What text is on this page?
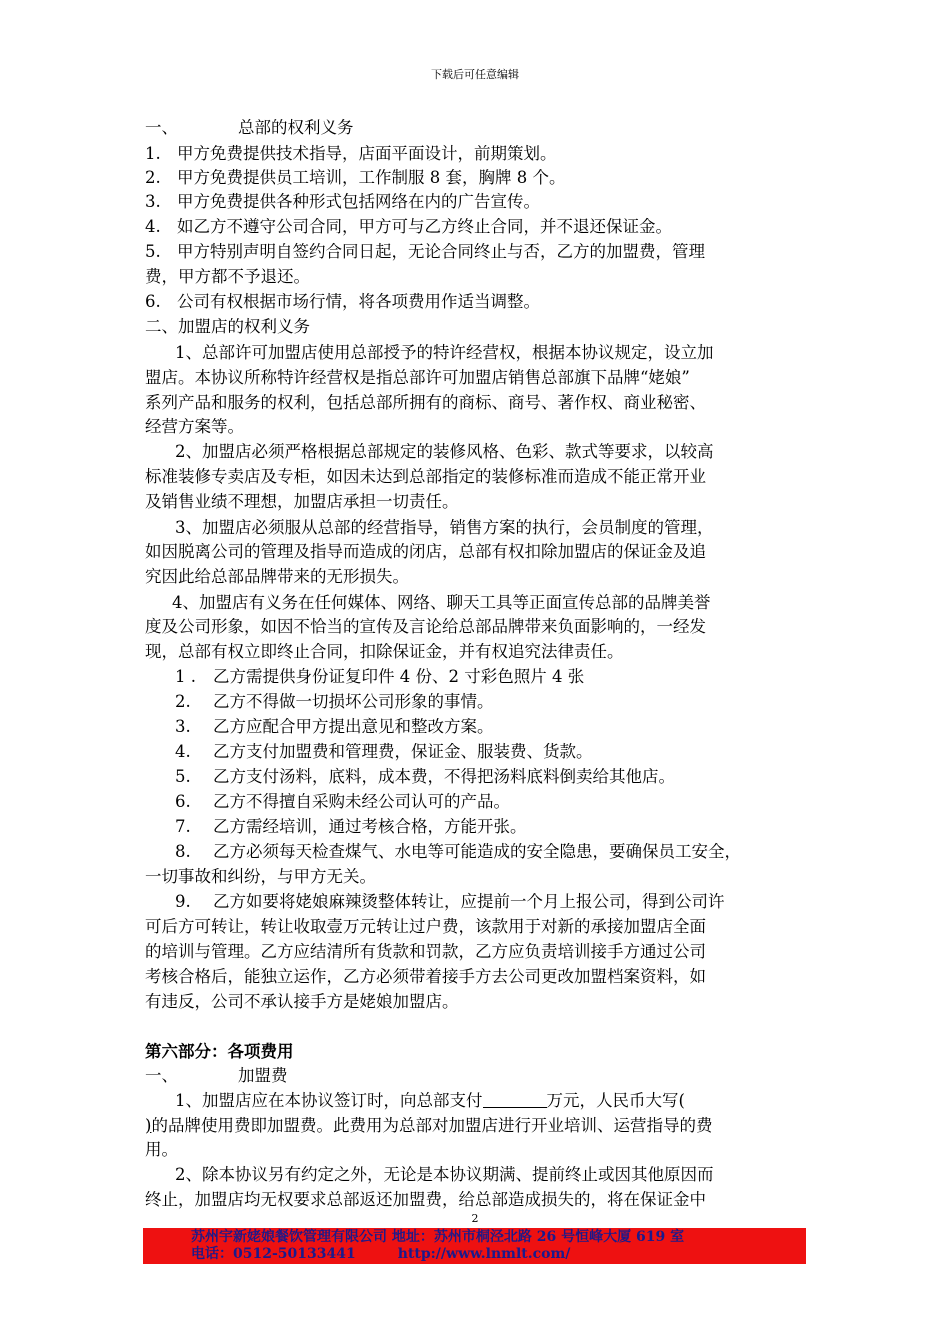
下载后可任意编辑
一、	总部的权利义务
1. 甲方免费提供技术指导，店面平面设计，前期策划。
2. 甲方免费提供员工培训，工作制服 8 套，胸牌 8 个。
3. 甲方免费提供各种形式包括网络在内的广告宣传。
4. 如乙方不遵守公司合同，甲方可与乙方终止合同，并不退还保证金。
5. 甲方特别声明自签约合同日起，无论合同终止与否，乙方的加盟费，管理
费，甲方都不予退还。
6. 公司有权根据市场行情，将各项费用作适当调整。
二、加盟店的权利义务
1、总部许可加盟店使用总部授予的特许经营权，根据本协议规定，设立加
盟店。本协议所称特许经营权是指总部许可加盟店销售总部旗下品牌“姥娘”
系列产品和服务的权利，包括总部所拥有的商标、商号、著作权、商业秘密、
经营方案等。
2、加盟店必须严格根据总部规定的装修风格、色彩、款式等要求，以较高
标准装修专卖店及专柜，如因未达到总部指定的装修标准而造成不能正常开业
及销售业绩不理想，加盟店承担一切责任。
3、加盟店必须服从总部的经营指导，销售方案的执行，会员制度的管理，
如因脱离公司的管理及指导而造成的闭店，总部有权扣除加盟店的保证金及追
究因此给总部品牌带来的无形损失。
4、加盟店有义务在任何媒体、网络、聊天工具等正面宣传总部的品牌美誉
度及公司形象，如因不恰当的宣传及言论给总部品牌带来负面影响的，一经发
现，总部有权立即终止合同，扣除保证金，并有权追究法律责任。
1 . 乙方需提供身份证复印件 4 份、2 寸彩色照片 4 张
2. 乙方不得做一切损坏公司形象的事情。
3. 乙方应配合甲方提出意见和整改方案。
4. 乙方支付加盟费和管理费，保证金、服装费、货款。
5. 乙方支付汤料，底料，成本费，不得把汤料底料倒卖给其他店。
6. 乙方不得擅自采购未经公司认可的产品。
7. 乙方需经培训，通过考核合格，方能开张。
8. 乙方必须每天检查煤气、水电等可能造成的安全隐患，要确保员工安全，
一切事故和纠纷，与甲方无关。
9. 乙方如要将姥娘麻辣烫整体转让，应提前一个月上报公司，得到公司许
可后方可转让，转让收取壹万元转让过户费，该款用于对新的承接加盟店全面
的培训与管理。乙方应结清所有货款和罚款，乙方应负责培训接手方通过公司
考核合格后，能独立运作，乙方必须带着接手方去公司更改加盟档案资料，如
有违反，公司不承认接手方是姥娘加盟店。
第六部分：各项费用
一、	加盟费
1、加盟店应在本协议签订时，向总部支付	万元，人民币大写(
)的品牌使用费即加盟费。此费用为总部对加盟店进行开业培训、运营指导的费
用。
2、除本协议另有约定之外，无论是本协议期满、提前终止或因其他原因而
终止，加盟店均无权要求总部返还加盟费，给总部造成损失的，将在保证金中
2
苏州宇新姥娘餐饮管理有限公司 地址：苏州市桐泾北路 26 号恒峰大厦 619 室
电话：0512-50133441	http://www.lnmlt.com/
